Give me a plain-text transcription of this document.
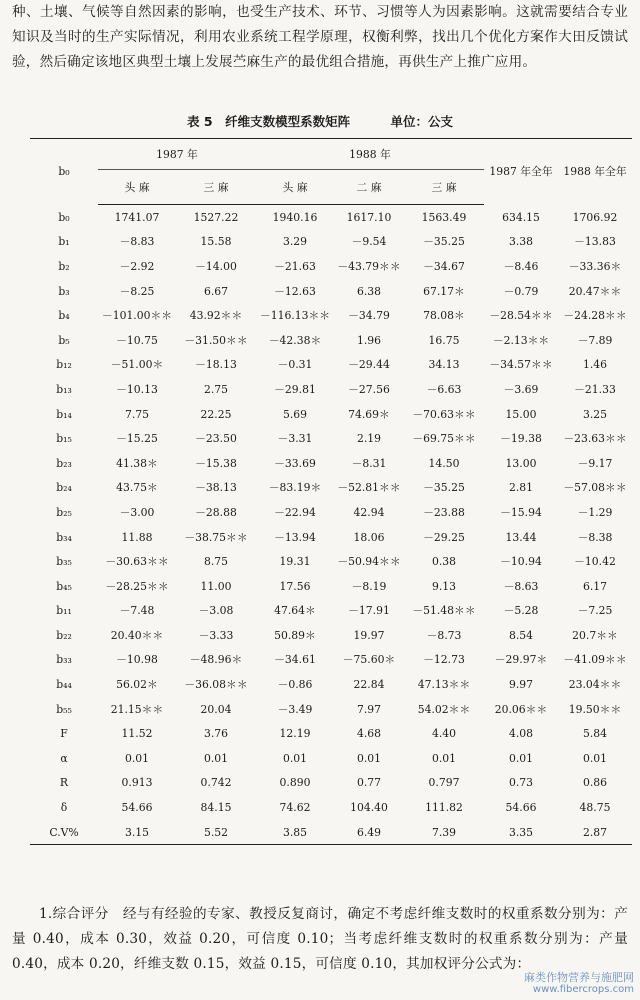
种、土壤、气候等自然因素的影响，也受生产技术、环节、习惯等人为因素影响。这就需要结合专业知识及当时的生产实际情况，利用农业系统工程学原理，权衡利弊，找出几个优化方案作大田反馈试验，然后确定该地区典型土壤上发展苎麻生产的最优组合措施，再供生产上推广应用。
表 5　纤维支数模型系数矩阵	单位：公支
b₀	1987 年		1988 年			1987 年全年	1988 年全年
	头 麻	三 麻	头 麻	二 麻	三 麻		
b₀	1741.07	1527.22	1940.16	1617.10	1563.49	634.15	1706.92
b₁	－8.83	15.58	3.29	－9.54	－35.25	3.38	－13.83
b₂	－2.92	－14.00	－21.63	－43.79＊＊	－34.67	－8.46	－33.36＊
b₃	－8.25	6.67	－12.63	6.38	67.17＊	－0.79	20.47＊＊
b₄	－101.00＊＊	43.92＊＊	－116.13＊＊	－34.79	78.08＊	－28.54＊＊	－24.28＊＊
b₅	－10.75	－31.50＊＊	－42.38＊	1.96	16.75	－2.13＊＊	－7.89
b₁₂	－51.00＊	－18.13	－0.31	－29.44	34.13	－34.57＊＊	1.46
b₁₃	－10.13	2.75	－29.81	－27.56	－6.63	－3.69	－21.33
b₁₄	7.75	22.25	5.69	74.69＊	－70.63＊＊	15.00	3.25
b₁₅	－15.25	－23.50	－3.31	2.19	－69.75＊＊	－19.38	－23.63＊＊
b₂₃	41.38＊	－15.38	－33.69	－8.31	14.50	13.00	－9.17
b₂₄	43.75＊	－38.13	－83.19＊	－52.81＊＊	－35.25	2.81	－57.08＊＊
b₂₅	－3.00	－28.88	－22.94	42.94	－23.88	－15.94	－1.29
b₃₄	11.88	－38.75＊＊	－13.94	18.06	－29.25	13.44	－8.38
b₃₅	－30.63＊＊	8.75	19.31	－50.94＊＊	0.38	－10.94	－10.42
b₄₅	－28.25＊＊	11.00	17.56	－8.19	9.13	－8.63	6.17
b₁₁	－7.48	－3.08	47.64＊	－17.91	－51.48＊＊	－5.28	－7.25
b₂₂	20.40＊＊	－3.33	50.89＊	19.97	－8.73	8.54	20.7＊＊
b₃₃	－10.98	－48.96＊	－34.61	－75.60＊	－12.73	－29.97＊	－41.09＊＊
b₄₄	56.02＊	－36.08＊＊	－0.86	22.84	47.13＊＊	9.97	23.04＊＊
b₅₅	21.15＊＊	20.04	－3.49	7.97	54.02＊＊	20.06＊＊	19.50＊＊
F	11.52	3.76	12.19	4.68	4.40	4.08	5.84
α	0.01	0.01	0.01	0.01	0.01	0.01	0.01
R	0.913	0.742	0.890	0.77	0.797	0.73	0.86
δ	54.66	84.15	74.62	104.40	111.82	54.66	48.75
C.V%	3.15	5.52	3.85	6.49	7.39	3.35	2.87
1.综合评分　经与有经验的专家、教授反复商讨，确定不考虑纤维支数时的权重系数分别为：产量 0.40，成本 0.30，效益 0.20，可信度 0.10；当考虑纤维支数时的权重系数分别为：产量 0.40，成本 0.20，纤维支数 0.15，效益 0.15，可信度 0.10，其加权评分公式为：
麻类作物营养与施肥网
www.fibercrops.com
